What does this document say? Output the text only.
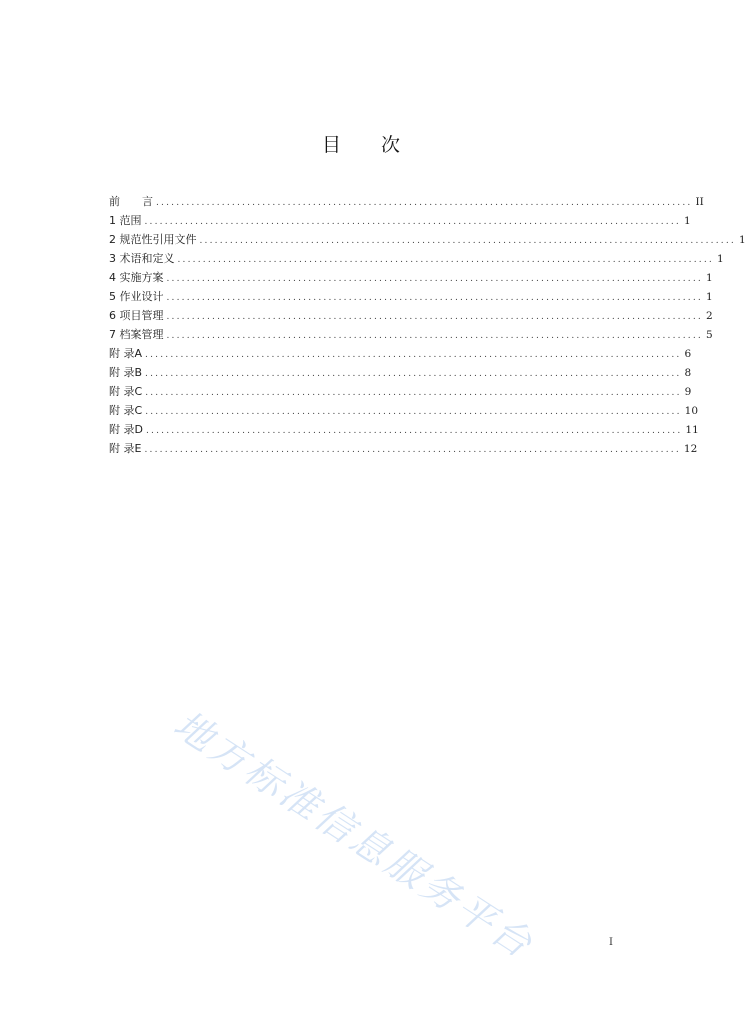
目 次
前　　言 .......................................................................................................... II
1 范围 .......................................................................................................... 1
2 规范性引用文件 .......................................................................................................... 1
3 术语和定义 .......................................................................................................... 1
4 实施方案 .......................................................................................................... 1
5 作业设计 .......................................................................................................... 1
6 项目管理 .......................................................................................................... 2
7 档案管理 .......................................................................................................... 5
附 录A .......................................................................................................... 6
附 录B .......................................................................................................... 8
附 录C .......................................................................................................... 9
附 录C .......................................................................................................... 10
附 录D .......................................................................................................... 11
附 录E .......................................................................................................... 12
地方标准信息服务平台	I
